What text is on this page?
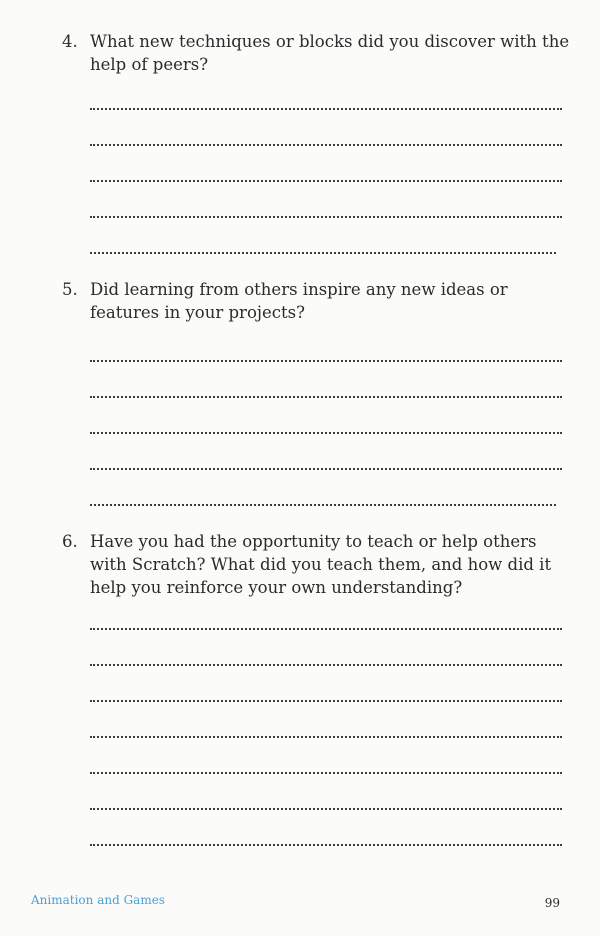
4. What new techniques or blocks did you discover with the help of peers?
5. Did learning from others inspire any new ideas or features in your projects?
6. Have you had the opportunity to teach or help others with Scratch? What did you teach them, and how did it help you reinforce your own understanding?
Animation and Games	99
